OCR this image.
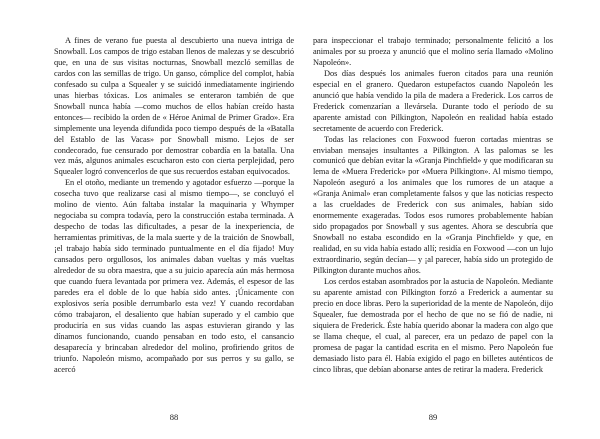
A fines de verano fue puesta al descubierto una nueva intriga de Snowball. Los campos de trigo estaban llenos de malezas y se descubrió que, en una de sus visitas nocturnas, Snowball mezcló semillas de cardos con las semillas de trigo. Un ganso, cómplice del complot, había confesado su culpa a Squealer y se suicidó inmediatamente ingiriendo unas hierbas tóxicas. Los animales se enteraron también de que Snowball nunca había —como muchos de ellos habían creído hasta entonces— recibido la orden de « Héroe Animal de Primer Grado». Era simplemente una leyenda difundida poco tiempo después de la «Batalla del Establo de las Vacas» por Snowball mismo. Lejos de ser condecorado, fue censurado por demostrar cobardía en la batalla. Una vez más, algunos animales escucharon esto con cierta perplejidad, pero Squealer logró convencerlos de que sus recuerdos estaban equivocados.

En el otoño, mediante un tremendo y agotador esfuerzo —porque la cosecha tuvo que realizarse casi al mismo tiempo—, se concluyó el molino de viento. Aún faltaba instalar la maquinaria y Whymper negociaba su compra todavía, pero la construcción estaba terminada. A despecho de todas las dificultades, a pesar de la inexperiencia, de herramientas primitivas, de la mala suerte y de la traición de Snowball, ¡el trabajo había sido terminado puntualmente en el día fijado! Muy cansados pero orgullosos, los animales daban vueltas y más vueltas alrededor de su obra maestra, que a su juicio aparecía aún más hermosa que cuando fuera levantada por primera vez. Además, el espesor de las paredes era el doble de lo que había sido antes. ¡Únicamente con explosivos sería posible derrumbarlo esta vez! Y cuando recordaban cómo trabajaron, el desaliento que habían superado y el cambio que produciría en sus vidas cuando las aspas estuvieran girando y las dínamos funcionando, cuando pensaban en todo esto, el cansancio desaparecía y brincaban alrededor del molino, profiriendo gritos de triunfo. Napoleón mismo, acompañado por sus perros y su gallo, se acercó

para inspeccionar el trabajo terminado; personalmente felicitó a los animales por su proeza y anunció que el molino sería llamado «Molino Napoleón».

Dos días después los animales fueron citados para una reunión especial en el granero. Quedaron estupefactos cuando Napoleón les anunció que había vendido la pila de madera a Frederick. Los carros de Frederick comenzarían a llevársela. Durante todo el período de su aparente amistad con Pilkington, Napoleón en realidad había estado secretamente de acuerdo con Frederick.

Todas las relaciones con Foxwood fueron cortadas mientras se enviaban mensajes insultantes a Pilkington. A las palomas se les comunicó que debían evitar la «Granja Pinchfield» y que modificaran su lema de «Muera Frederick» por «Muera Pilkington». Al mismo tiempo, Napoleón aseguró a los animales que los rumores de un ataque a «Granja Animal» eran completamente falsos y que las noticias respecto a las crueldades de Frederick con sus animales, habían sido enormemente exageradas. Todos esos rumores probablemente habían sido propagados por Snowball y sus agentes. Ahora se descubría que Snowball no estaba escondido en la «Granja Pinchfield» y que, en realidad, en su vida había estado allí; residía en Foxwood —con un lujo extraordinario, según decían— y ¡al parecer, había sido un protegido de Pilkington durante muchos años.

Los cerdos estaban asombrados por la astucia de Napoleón. Mediante su aparente amistad con Pilkington forzó a Frederick a aumentar su precio en doce libras. Pero la superioridad de la mente de Napoleón, dijo Squealer, fue demostrada por el hecho de que no se fió de nadie, ni siquiera de Frederick. Éste había querido abonar la madera con algo que se llama cheque, el cual, al parecer, era un pedazo de papel con la promesa de pagar la cantidad escrita en el mismo. Pero Napoleón fue demasiado listo para él. Había exigido el pago en billetes auténticos de cinco libras, que debían abonarse antes de retirar la madera. Frederick

88	89
